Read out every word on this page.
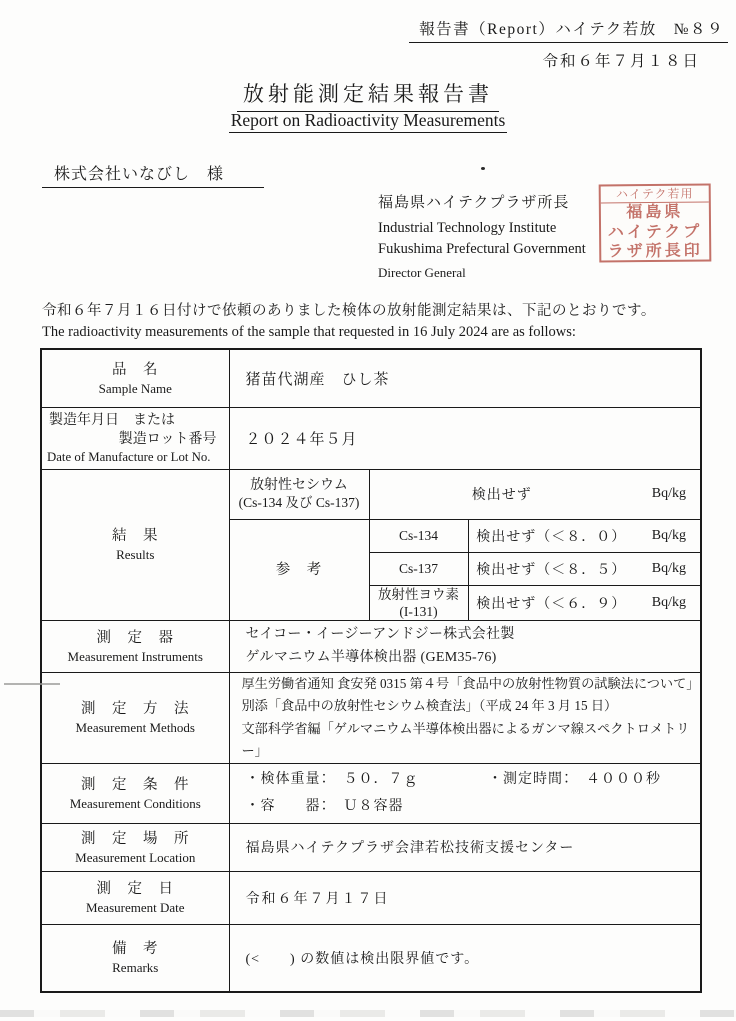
報告書（Report）ハイテク若放　№８９
令和６年７月１８日
放射能測定結果報告書
Report on Radioactivity Measurements
株式会社いなびし　様
福島県ハイテクプラザ所長
Industrial Technology Institute
Fukushima Prefectural Government
Director General
ハイテク若用
福島県
ハイテクプ
ラザ所長印
令和６年７月１６日付けで依頼のありました検体の放射能測定結果は、下記のとおりです。
The radioactivity measurements of the sample that requested in 16 July 2024 are as follows:
品　名
Sample Name	猪苗代湖産　ひし茶		

製造年月日　または
製造ロット番号
Date of Manufacture or Lot No.	２０２４年５月		

結　果
Results

放射性セシウム
(Cs-134 及び Cs-137)	検出せず	Bq/kg

	参　考	Cs-134	検出せず（＜８．０） Bq/kg

		Cs-137	検出せず（＜８．５） Bq/kg

放射性ヨウ素
(I-131)	検出せず（＜６．９）	Bq/kg

測　定　器
Measurement Instruments

セイコー・イージーアンドジー株式会社製
ゲルマニウム半導体検出器 (GEM35-76)

測　定　方　法
Measurement Methods

厚生労働省通知 食安発 0315 第４号「食品中の放射性物質の試験法について」
別添「食品中の放射性セシウム検査法」（平成 24 年 3 月 15 日）
文部科学省編「ゲルマニウム半導体検出器によるガンマ線スペクトロメトリー」

測　定　条　件
Measurement Conditions

・検体重量：　５０．７ｇ	・測定時間：　４０００秒
・容　　器：　Ｕ８容器

測　定　場　所
Measurement Location	福島県ハイテクプラザ会津若松技術支援センター		

測　定　日
Measurement Date	令和６年７月１７日		

備　考
Remarks	(<　　) の数値は検出限界値です。		
